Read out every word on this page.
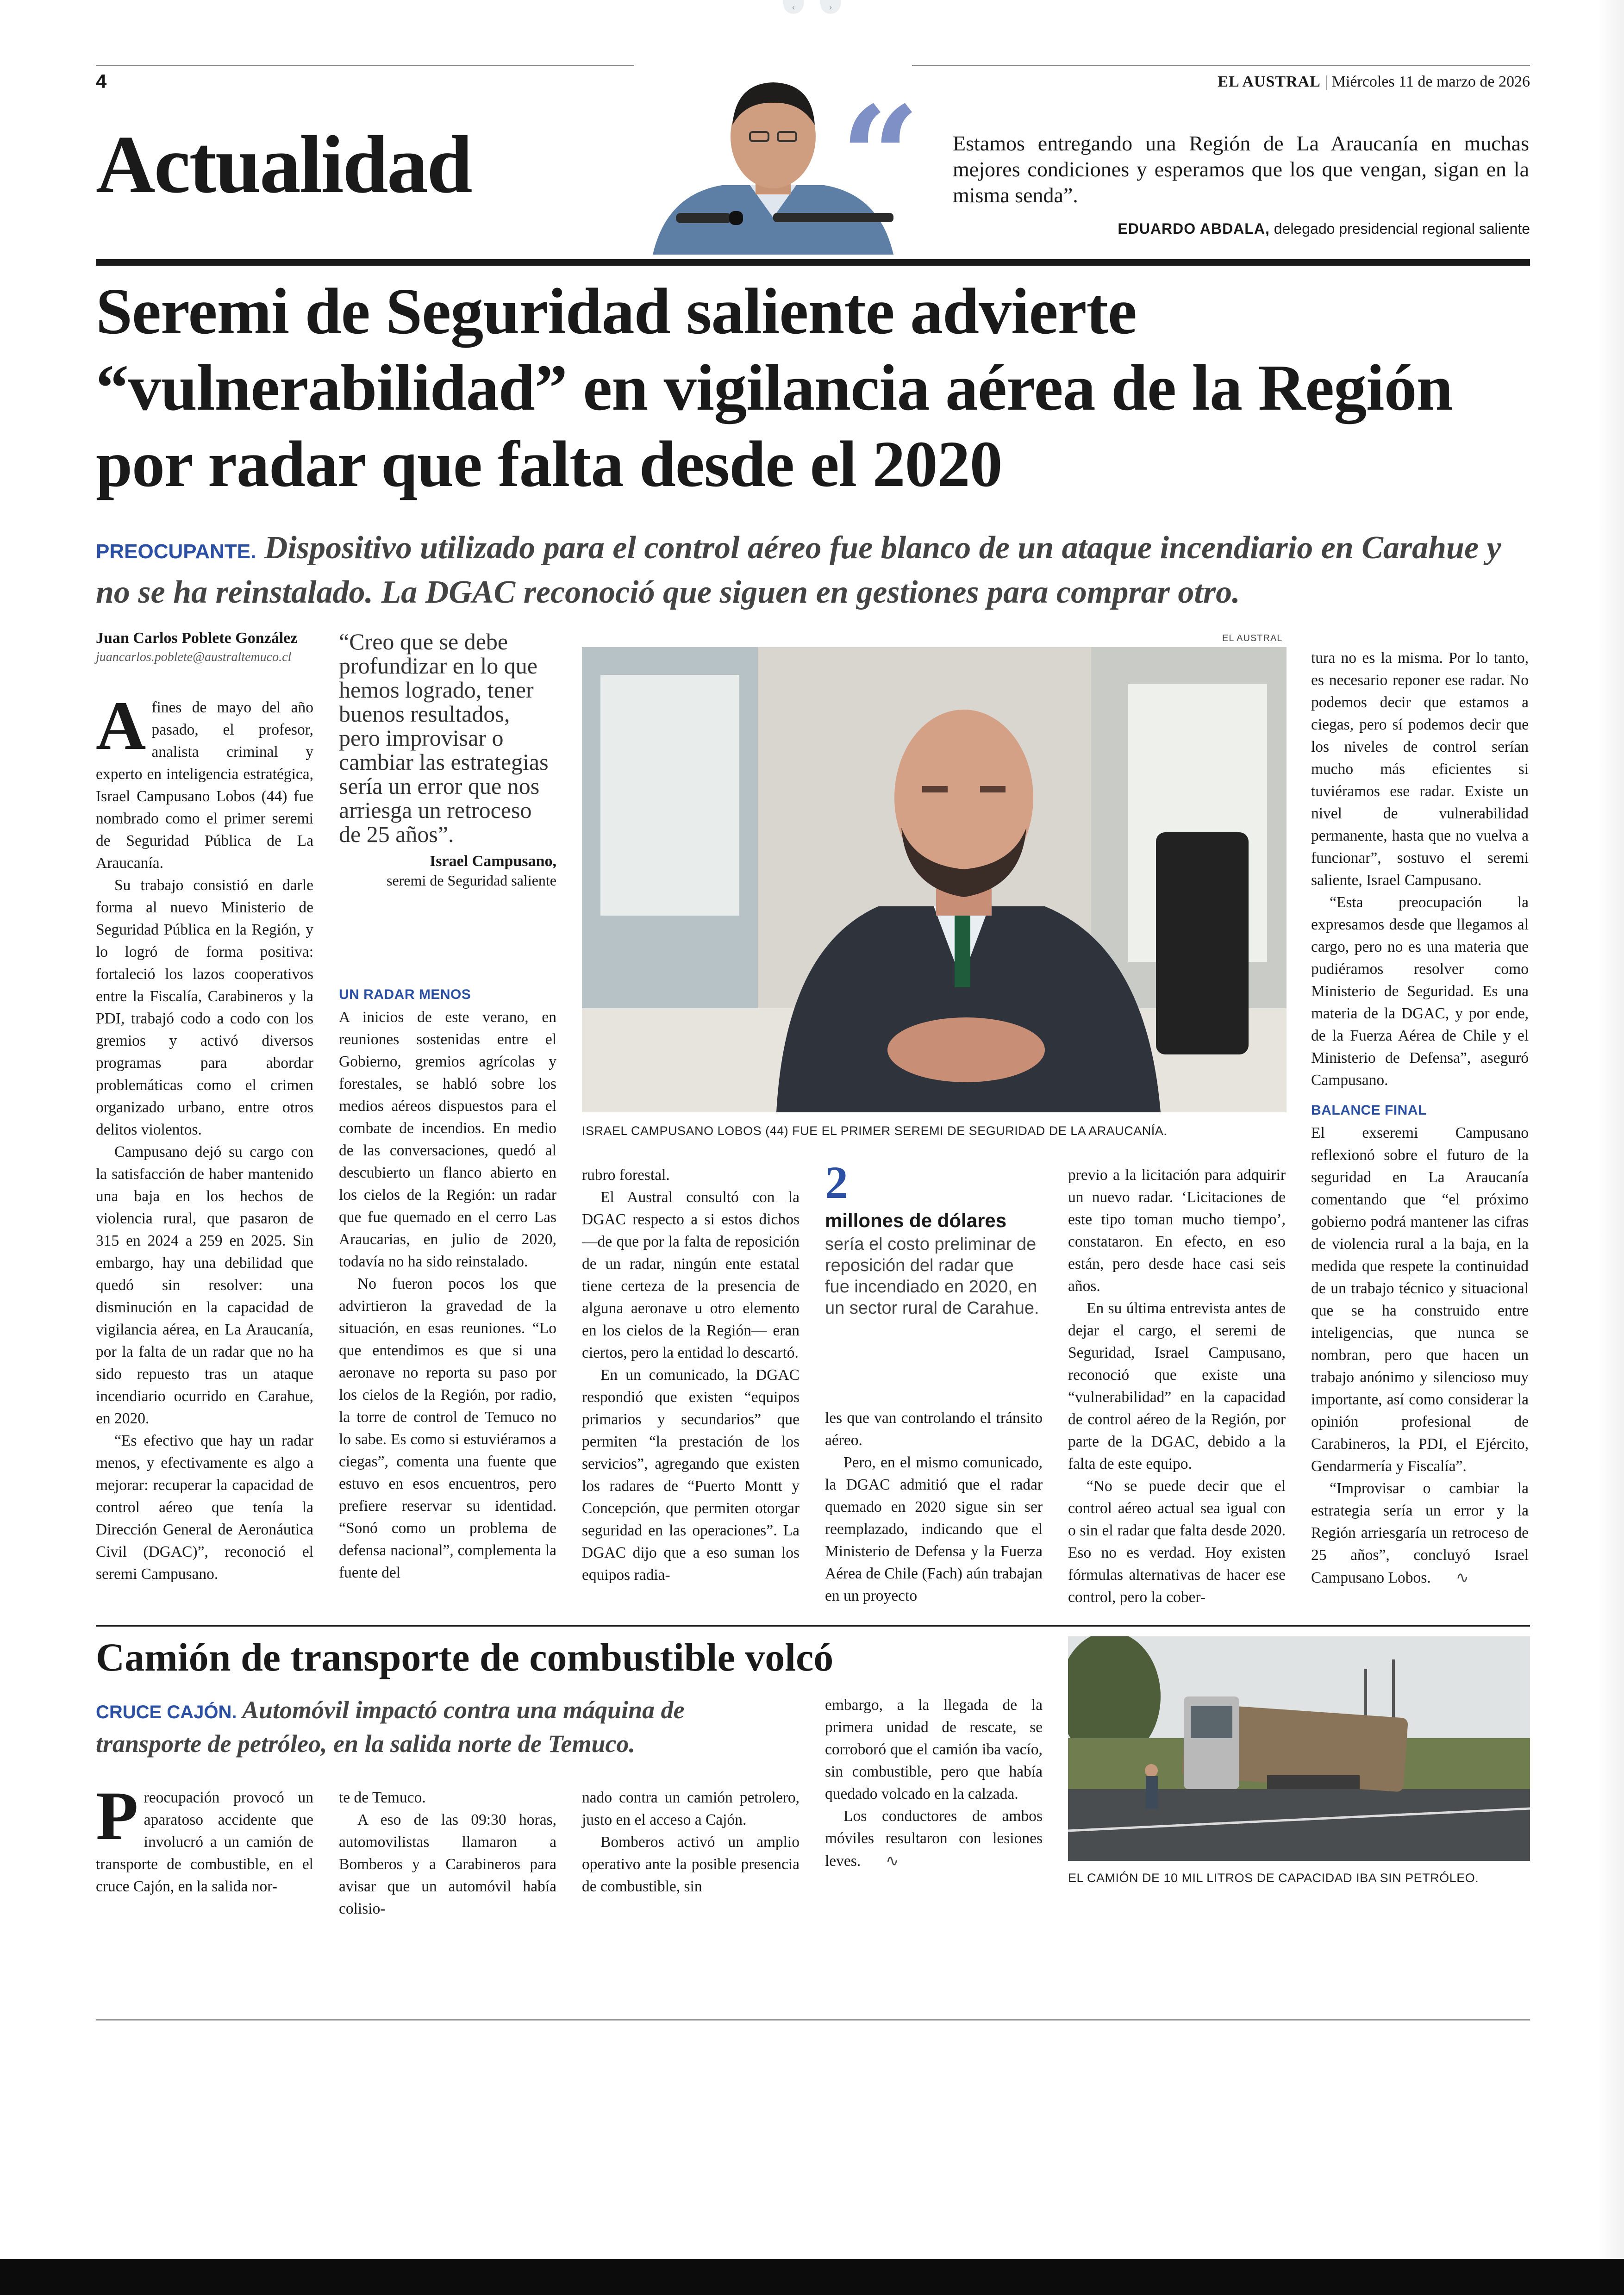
‹	›
4	EL AUSTRAL | Miércoles 11 de marzo de 2026
Actualidad	“ Estamos entregando una Región de La Araucanía en muchas mejores condiciones y esperamos que los que vengan, sigan en la misma senda”.
EDUARDO ABDALA, delegado presidencial regional saliente
Seremi de Seguridad saliente advierte “vulnerabilidad” en vigilancia aérea de la Región por radar que falta desde el 2020
PREOCUPANTE. Dispositivo utilizado para el control aéreo fue blanco de un ataque incendiario en Carahue y no se ha reinstalado. La DGAC reconoció que siguen en gestiones para comprar otro.
Juan Carlos Poblete González
juancarlos.poblete@australtemuco.cl

Afines de mayo del año pasado, el profesor, analista criminal y experto en inteligencia estratégica, Israel Campusano Lobos (44) fue nombrado como el primer seremi de Seguridad Pública de La Araucanía.

Su trabajo consistió en darle forma al nuevo Ministerio de Seguridad Pública en la Región, y lo logró de forma positiva: fortaleció los lazos cooperativos entre la Fiscalía, Carabineros y la PDI, trabajó codo a codo con los gremios y activó diversos programas para abordar problemáticas como el crimen organizado urbano, entre otros delitos violentos.

Campusano dejó su cargo con la satisfacción de haber mantenido una baja en los hechos de violencia rural, que pasaron de 315 en 2024 a 259 en 2025. Sin embargo, hay una debilidad que quedó sin resolver: una disminución en la capacidad de vigilancia aérea, en La Araucanía, por la falta de un radar que no ha sido repuesto tras un ataque incendiario ocurrido en Carahue, en 2020.

“Es efectivo que hay un radar menos, y efectivamente es algo a mejorar: recuperar la capacidad de control aéreo que tenía la Dirección General de Aeronáutica Civil (DGAC)”, reconoció el seremi Campusano.

“Creo que se debe profundizar en lo que hemos logrado, tener buenos resultados, pero improvisar o cambiar las estrategias sería un error que nos arriesga un retroceso de 25 años”.
Israel Campusano,
seremi de Seguridad saliente
UN RADAR MENOS

A inicios de este verano, en reuniones sostenidas entre el Gobierno, gremios agrícolas y forestales, se habló sobre los medios aéreos dispuestos para el combate de incendios. En medio de las conversaciones, quedó al descubierto un flanco abierto en los cielos de la Región: un radar que fue quemado en el cerro Las Araucarias, en julio de 2020, todavía no ha sido reinstalado.

No fueron pocos los que advirtieron la gravedad de la situación, en esas reuniones. “Lo que entendimos es que si una aeronave no reporta su paso por los cielos de la Región, por radio, la torre de control de Temuco no lo sabe. Es como si estuviéramos a ciegas”, comenta una fuente que estuvo en esos encuentros, pero prefiere reservar su identidad. “Sonó como un problema de defensa nacional”, complementa la fuente del

EL AUSTRAL
ISRAEL CAMPUSANO LOBOS (44) FUE EL PRIMER SEREMI DE SEGURIDAD DE LA ARAUCANÍA.

rubro forestal.

El Austral consultó con la DGAC respecto a si estos dichos —de que por la falta de reposición de un radar, ningún ente estatal tiene certeza de la presencia de alguna aeronave u otro elemento en los cielos de la Región— eran ciertos, pero la entidad lo descartó.

En un comunicado, la DGAC respondió que existen “equipos primarios y secundarios” que permiten “la prestación de los servicios”, agregando que existen los radares de “Puerto Montt y Concepción, que permiten otorgar seguridad en las operaciones”. La DGAC dijo que a eso suman los equipos radia-

2
millones de dólares
sería el costo preliminar de reposición del radar que fue incendiado en 2020, en un sector rural de Carahue.

les que van controlando el tránsito aéreo.

Pero, en el mismo comunicado, la DGAC admitió que el radar quemado en 2020 sigue sin ser reemplazado, indicando que el Ministerio de Defensa y la Fuerza Aérea de Chile (Fach) aún trabajan en un proyecto

previo a la licitación para adquirir un nuevo radar. ‘Licitaciones de este tipo toman mucho tiempo’, constataron. En efecto, en eso están, pero desde hace casi seis años.

En su última entrevista antes de dejar el cargo, el seremi de Seguridad, Israel Campusano, reconoció que existe una “vulnerabilidad” en la capacidad de control aéreo de la Región, por parte de la DGAC, debido a la falta de este equipo.

“No se puede decir que el control aéreo actual sea igual con o sin el radar que falta desde 2020. Eso no es verdad. Hoy existen fórmulas alternativas de hacer ese control, pero la cober-

tura no es la misma. Por lo tanto, es necesario reponer ese radar. No podemos decir que estamos a ciegas, pero sí podemos decir que los niveles de control serían mucho más eficientes si tuviéramos ese radar. Existe un nivel de vulnerabilidad permanente, hasta que no vuelva a funcionar”, sostuvo el seremi saliente, Israel Campusano.

“Esta preocupación la expresamos desde que llegamos al cargo, pero no es una materia que pudiéramos resolver como Ministerio de Seguridad. Es una materia de la DGAC, y por ende, de la Fuerza Aérea de Chile y el Ministerio de Defensa”, aseguró Campusano.

BALANCE FINAL

El exseremi Campusano reflexionó sobre el futuro de la seguridad en La Araucanía comentando que “el próximo gobierno podrá mantener las cifras de violencia rural a la baja, en la medida que respete la continuidad de un trabajo técnico y situacional que se ha construido entre inteligencias, que nunca se nombran, pero que hacen un trabajo anónimo y silencioso muy importante, así como considerar la opinión profesional de Carabineros, la PDI, el Ejército, Gendarmería y Fiscalía”.

“Improvisar o cambiar la estrategia sería un error y la Región arriesgaría un retroceso de 25 años”, concluyó Israel Campusano Lobos. ∿

Camión de transporte de combustible volcó
CRUCE CAJÓN. Automóvil impactó contra una máquina de transporte de petróleo, en la salida norte de Temuco.

Preocupación provocó un aparatoso accidente que involucró a un camión de transporte de combustible, en el cruce Cajón, en la salida nor-

te de Temuco.

A eso de las 09:30 horas, automovilistas llamaron a Bomberos y a Carabineros para avisar que un automóvil había colisio-

nado contra un camión petrolero, justo en el acceso a Cajón.

Bomberos activó un amplio operativo ante la posible presencia de combustible, sin

embargo, a la llegada de la primera unidad de rescate, se corroboró que el camión iba vacío, sin combustible, pero que había quedado volcado en la calzada.

Los conductores de ambos móviles resultaron con lesiones leves. ∿

EL CAMIÓN DE 10 MIL LITROS DE CAPACIDAD IBA SIN PETRÓLEO.
